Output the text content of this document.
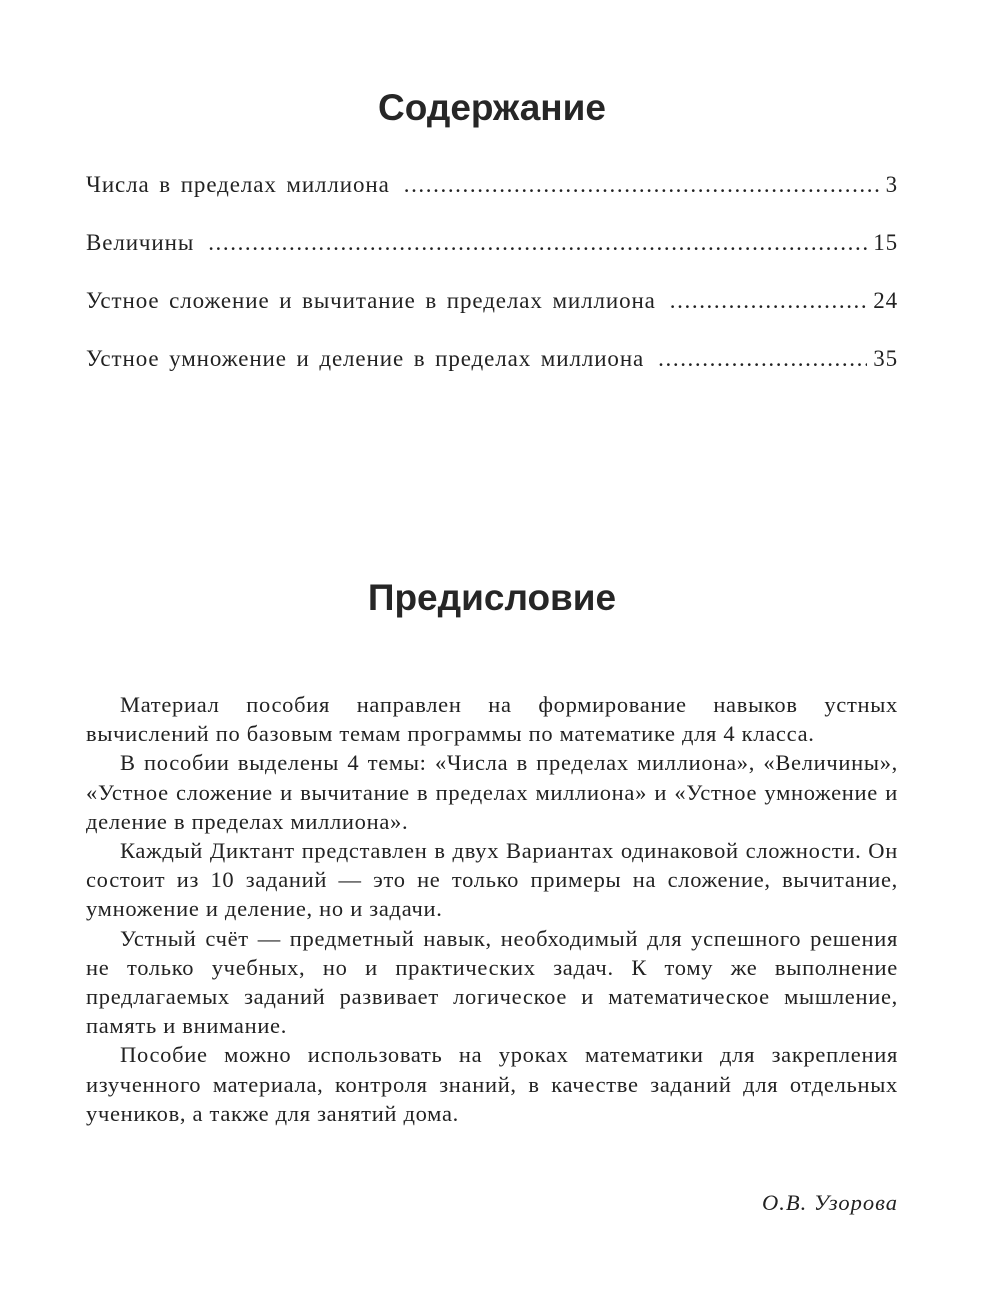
Содержание
Числа в пределах миллиона .....	3
Величины .....	15
Устное сложение и вычитание в пределах миллиона .....	24
Устное умножение и деление в пределах миллиона .....	35
Предисловие

Материал пособия направлен на формирование навыков устных вычислений по базовым темам программы по математике для 4 класса.

В пособии выделены 4 темы: «Числа в пределах миллиона», «Величины», «Устное сложение и вычитание в пределах миллиона» и «Устное умножение и деление в пределах миллиона».

Каждый Диктант представлен в двух Вариантах одинаковой сложности. Он состоит из 10 заданий — это не только примеры на сложение, вычитание, умножение и деление, но и задачи.

Устный счёт — предметный навык, необходимый для успешного решения не только учебных, но и практических задач. К тому же выполнение предлагаемых заданий развивает логическое и математическое мышление, память и внимание.

Пособие можно использовать на уроках математики для закрепления изученного материала, контроля знаний, в качестве заданий для отдельных учеников, а также для занятий дома.

О.В. Узорова
